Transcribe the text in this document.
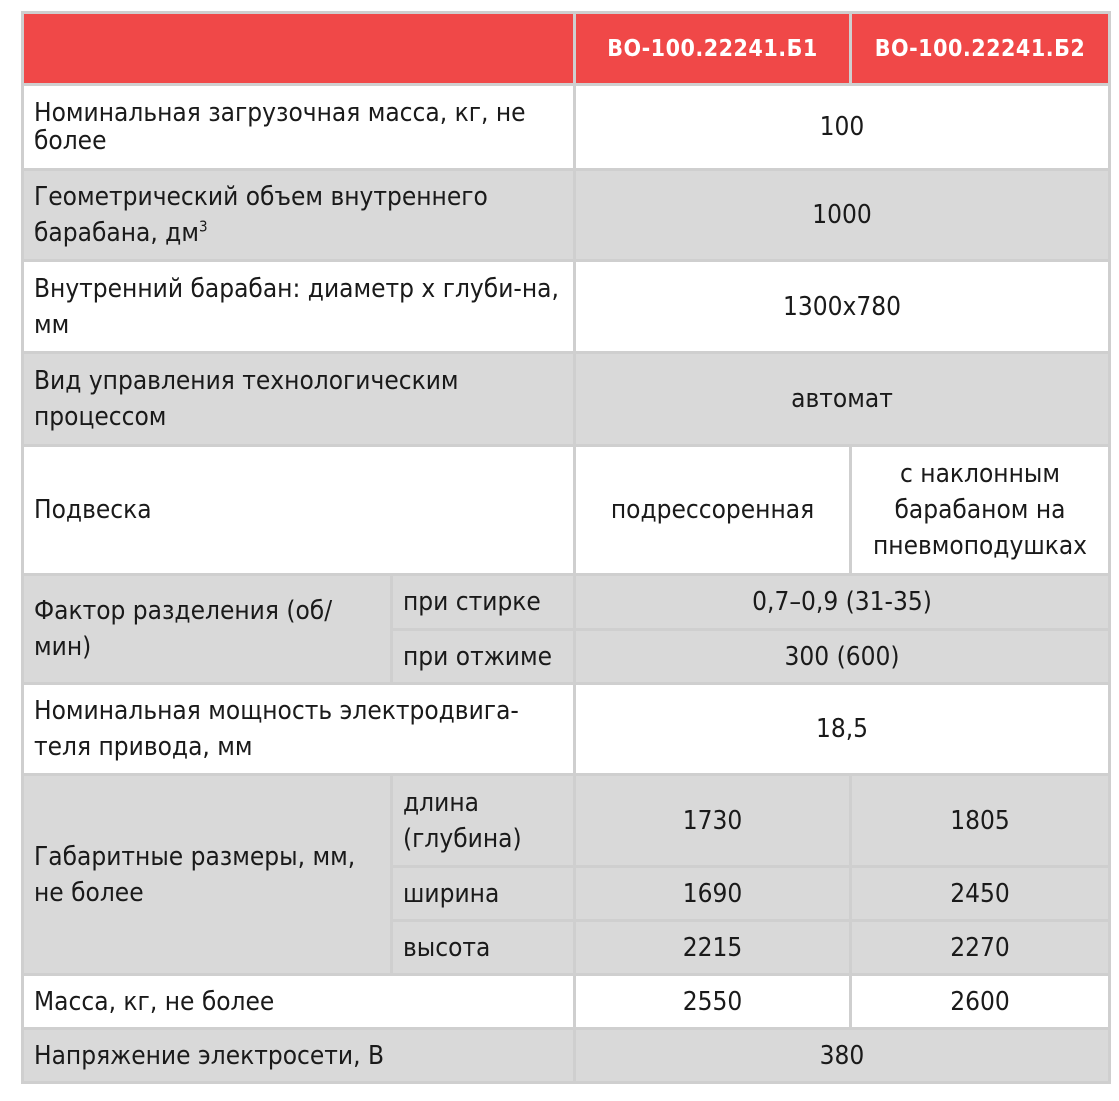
		ВО-100.22241.Б1	ВО-100.22241.Б2
Номинальная загрузочная масса, кг, не более		100	
Геометрический объем внутреннего барабана, $дм^3$		1000	
Внутренний барабан: диаметр х глуби-на, мм		1300х780	
Вид управления технологическим процессом		автомат	
Подвеска		подрессоренная	с наклонным барабаном на пневмоподушках
Фактор разделения (об/мин)	при стирке	0,7–0,9 (31-35)	
	при отжиме	300 (600)	
Номинальная мощность электродвига-теля привода, мм		18,5	
Габаритные размеры, мм, не более	длина (глубина)	1730	1805
	ширина	1690	2450
	высота	2215	2270
Масса, кг, не более		2550	2600
Напряжение электросети, В		380	
